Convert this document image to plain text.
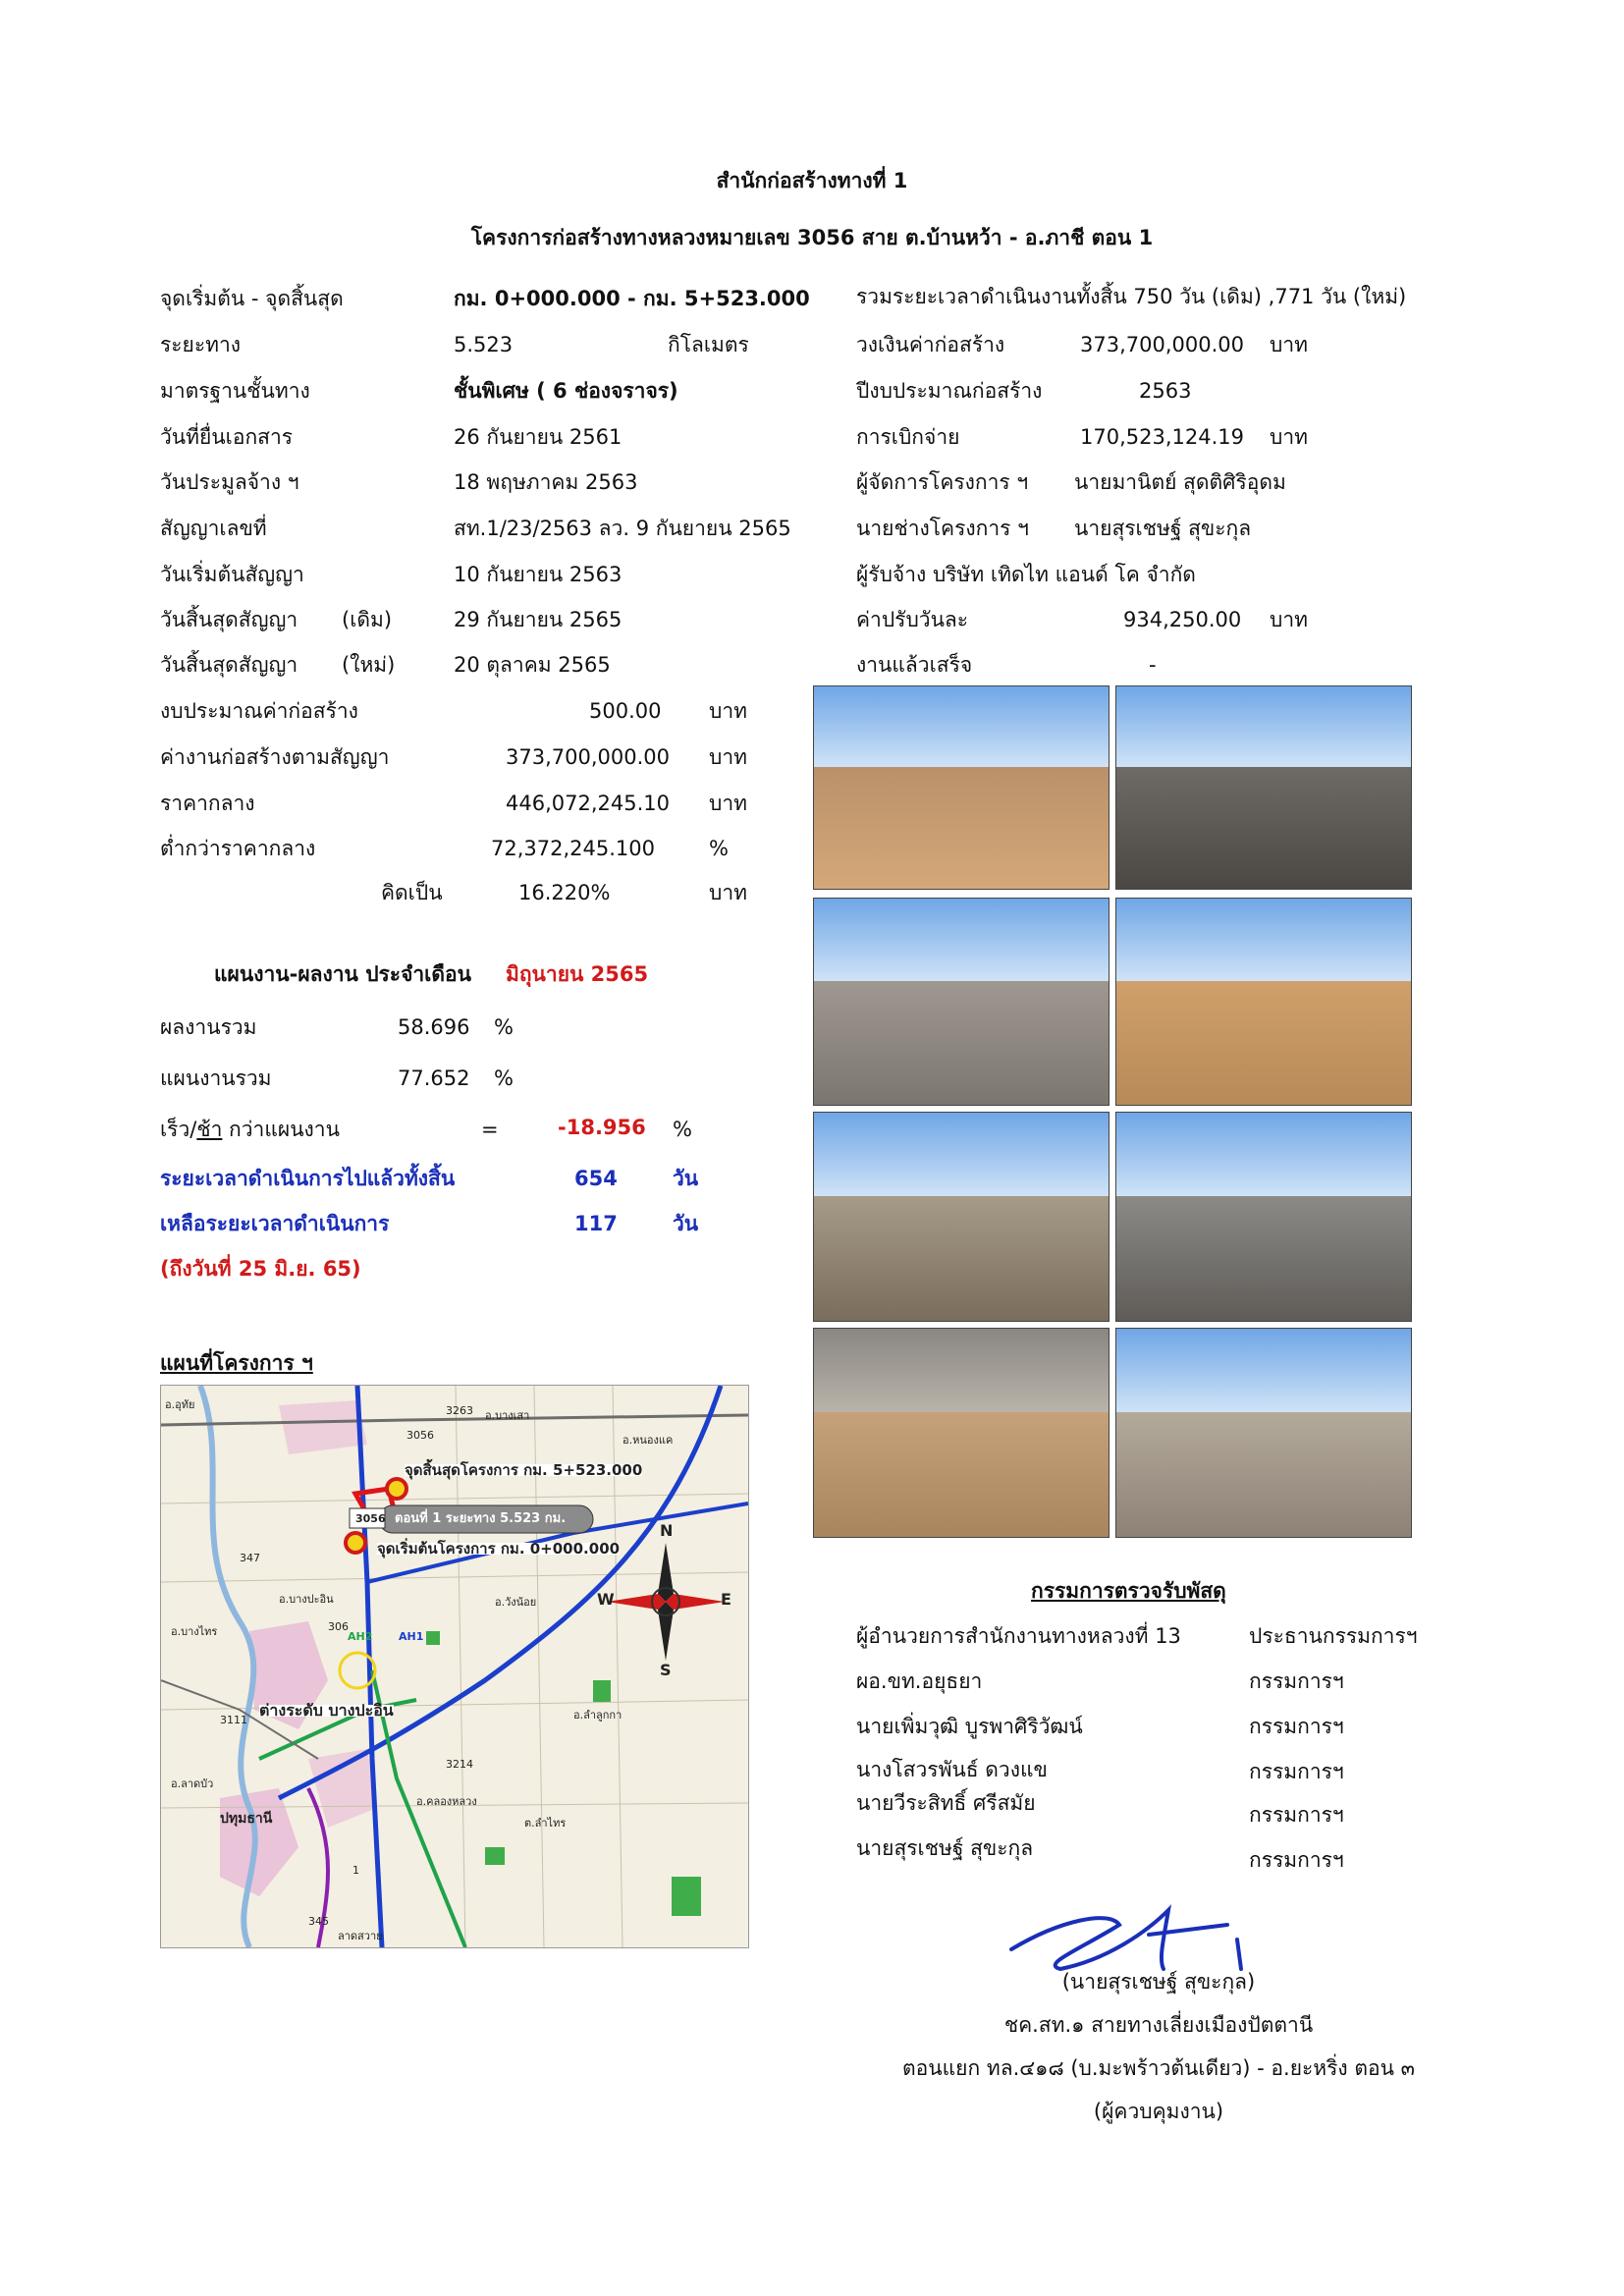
สำนักก่อสร้างทางที่ 1
โครงการก่อสร้างทางหลวงหมายเลข 3056 สาย ต.บ้านหว้า - อ.ภาชี ตอน 1
จุดเริ่มต้น - จุดสิ้นสุด	กม. 0+000.000 - กม. 5+523.000
ระยะทาง	5.523	กิโลเมตร
มาตรฐานชั้นทาง	ชั้นพิเศษ ( 6 ช่องจราจร)
วันที่ยื่นเอกสาร	26 กันยายน 2561
วันประมูลจ้าง ฯ	18 พฤษภาคม 2563
สัญญาเลขที่	สท.1/23/2563 ลว. 9 กันยายน 2565
วันเริ่มต้นสัญญา	10 กันยายน 2563
วันสิ้นสุดสัญญา (เดิม)	29 กันยายน 2565
วันสิ้นสุดสัญญา (ใหม่)	20 ตุลาคม 2565
รวมระยะเวลาดำเนินงานทั้งสิ้น 750 วัน (เดิม) ,771 วัน (ใหม่)
วงเงินค่าก่อสร้าง	373,700,000.00 บาท
ปีงบประมาณก่อสร้าง	2563
การเบิกจ่าย	170,523,124.19 บาท
ผู้จัดการโครงการ ฯ นายมานิตย์ สุดติศิริอุดม
นายช่างโครงการ ฯ นายสุรเชษฐ์ สุขะกุล
ผู้รับจ้าง บริษัท เทิดไท แอนด์ โค จำกัด
ค่าปรับวันละ	934,250.00 บาท
งานแล้วเสร็จ	-
งบประมาณค่าก่อสร้าง	500.00 บาท
ค่างานก่อสร้างตามสัญญา	373,700,000.00 บาท
ราคากลาง	446,072,245.10 บาท
ต่ำกว่าราคากลาง	72,372,245.100	%
คิดเป็น	16.220%	บาท
แผนงาน-ผลงาน ประจำเดือน มิถุนายน 2565
ผลงานรวม	58.696 %
แผนงานรวม	77.652 %
เร็ว/ช้า กว่าแผนงาน	=	-18.956 %
ระยะเวลาดำเนินการไปแล้วทั้งสิ้น	654	วัน
เหลือระยะเวลาดำเนินการ	117	วัน
(ถึงวันที่ 25 มิ.ย. 65)
แผนที่โครงการ ฯ
จุดสิ้นสุดโครงการ กม. 5+523.000
จุดเริ่มต้นโครงการ กม. 0+000.000
ตอนที่ 1 ระยะทาง 5.523 กม.
3056
ต่างระดับ บางปะอิน
N
S
E
W
อ.อุทัย
อ.วังน้อย
อ.บางปะอิน
อ.หนองแค
อ.ลำลูกกา
ปทุมธานี
อ.คลองหลวง
อ.ลาดบัว
อ.บางไทร
ต.ลำไทร
อ.บางเสา
ลาดสวาย
3056
3263
347
AH1
AH2
345
306
3111
3214
1
กรรมการตรวจรับพัสดุ
ผู้อำนวยการสำนักงานทางหลวงที่ 13	ประธานกรรมการฯ
ผอ.ขท.อยุธยา	กรรมการฯ
นายเพิ่มวุฒิ บูรพาศิริวัฒน์	กรรมการฯ
นางโสวรพันธ์ ดวงแข	กรรมการฯ
นายวีระสิทธิ์ ศรีสมัย	กรรมการฯ
นายสุรเชษฐ์ สุขะกุล	กรรมการฯ
(นายสุรเชษฐ์ สุขะกุล)
ชค.สท.๑ สายทางเลี่ยงเมืองปัตตานี
ตอนแยก ทล.๔๑๘ (บ.มะพร้าวต้นเดียว) - อ.ยะหริ่ง ตอน ๓
(ผู้ควบคุมงาน)
